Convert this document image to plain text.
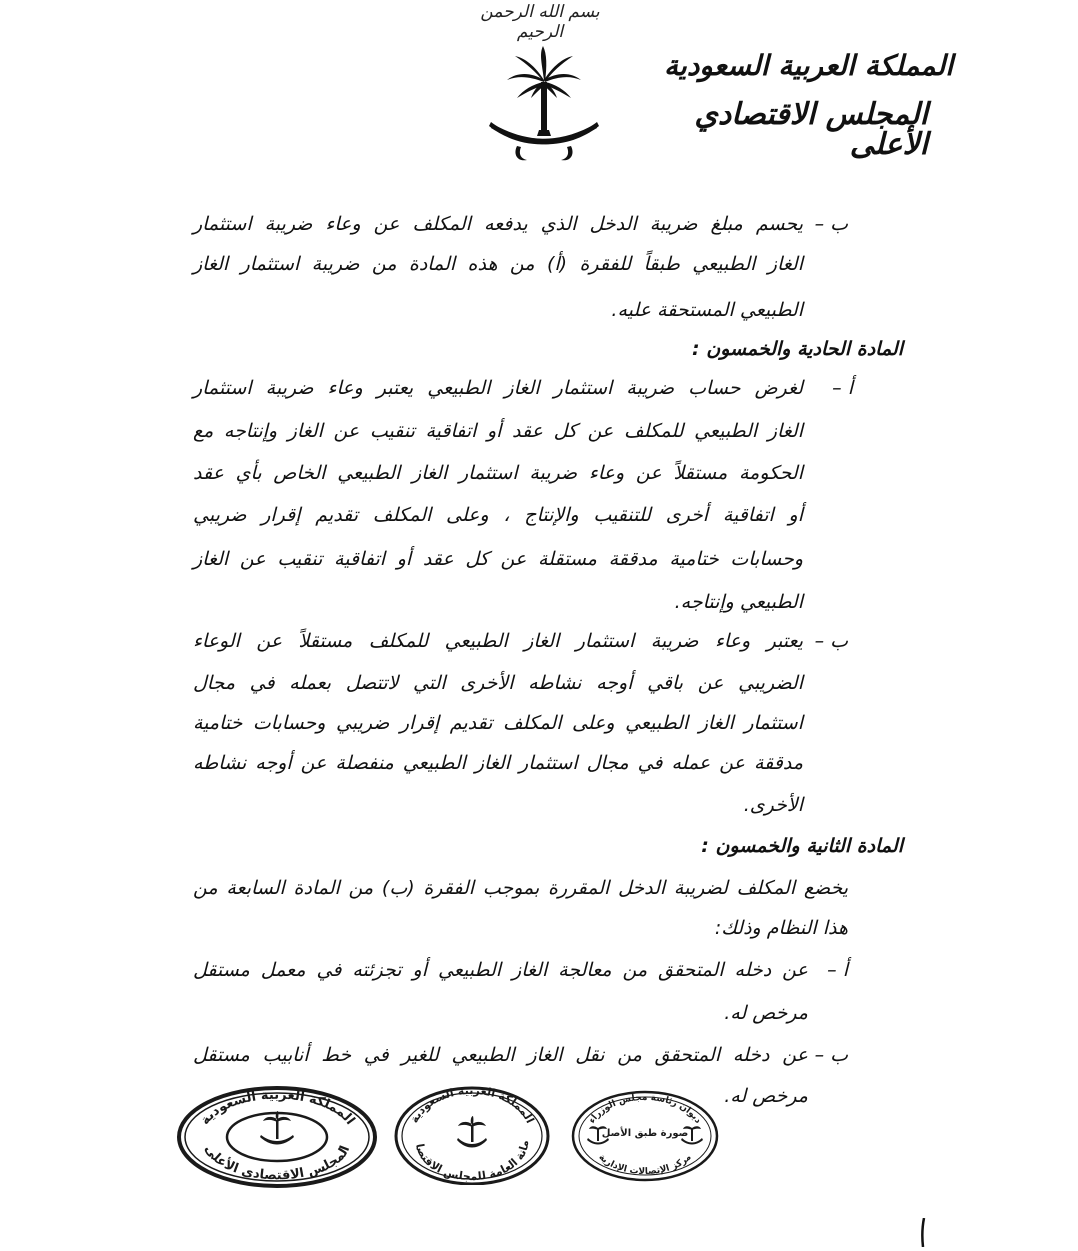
بسم الله الرحمن الرحيم
المملكة العربية السعودية
المجلس الاقتصادي الأعلى
ب –
يحسم مبلغ ضريبة الدخل الذي يدفعه المكلف عن وعاء ضريبة استثمار
الغاز الطبيعي طبقاً للفقرة (أ) من هذه المادة من ضريبة استثمار الغاز
الطبيعي المستحقة عليه.
المادة الحادية والخمسون :
أ –
لغرض حساب ضريبة استثمار الغاز الطبيعي يعتبر وعاء ضريبة استثمار
الغاز الطبيعي للمكلف عن كل عقد أو اتفاقية تنقيب عن الغاز وإنتاجه مع
الحكومة مستقلاً عن وعاء ضريبة استثمار الغاز الطبيعي الخاص بأي عقد
أو اتفاقية أخرى للتنقيب والإنتاج ، وعلى المكلف تقديم إقرار ضريبي
وحسابات ختامية مدققة مستقلة عن كل عقد أو اتفاقية تنقيب عن الغاز
الطبيعي وإنتاجه.
ب –
يعتبر وعاء ضريبة استثمار الغاز الطبيعي للمكلف مستقلاً عن الوعاء
الضريبي عن باقي أوجه نشاطه الأخرى التي لاتتصل بعمله في مجال
استثمار الغاز الطبيعي وعلى المكلف تقديم إقرار ضريبي وحسابات ختامية
مدققة عن عمله في مجال استثمار الغاز الطبيعي منفصلة عن أوجه نشاطه
الأخرى.
المادة الثانية والخمسون :
يخضع المكلف لضريبة الدخل المقررة بموجب الفقرة (ب) من المادة السابعة من
هذا النظام وذلك:
أ –
عن دخله المتحقق من معالجة الغاز الطبيعي أو تجزئته في معمل مستقل
مرخص له.
ب –
عن دخله المتحقق من نقل الغاز الطبيعي للغير في خط أنابيب مستقل
مرخص له.
المملكة العربية السعودية
المجلس الاقتصادي الأعلى
المملكة العربية السعودية
مانة العامة للمجلس الاقتصادي
ديوان رئاسة مجلس الوزراء
صورة طبق الأصل
مركز الإتصالات الإدارية
